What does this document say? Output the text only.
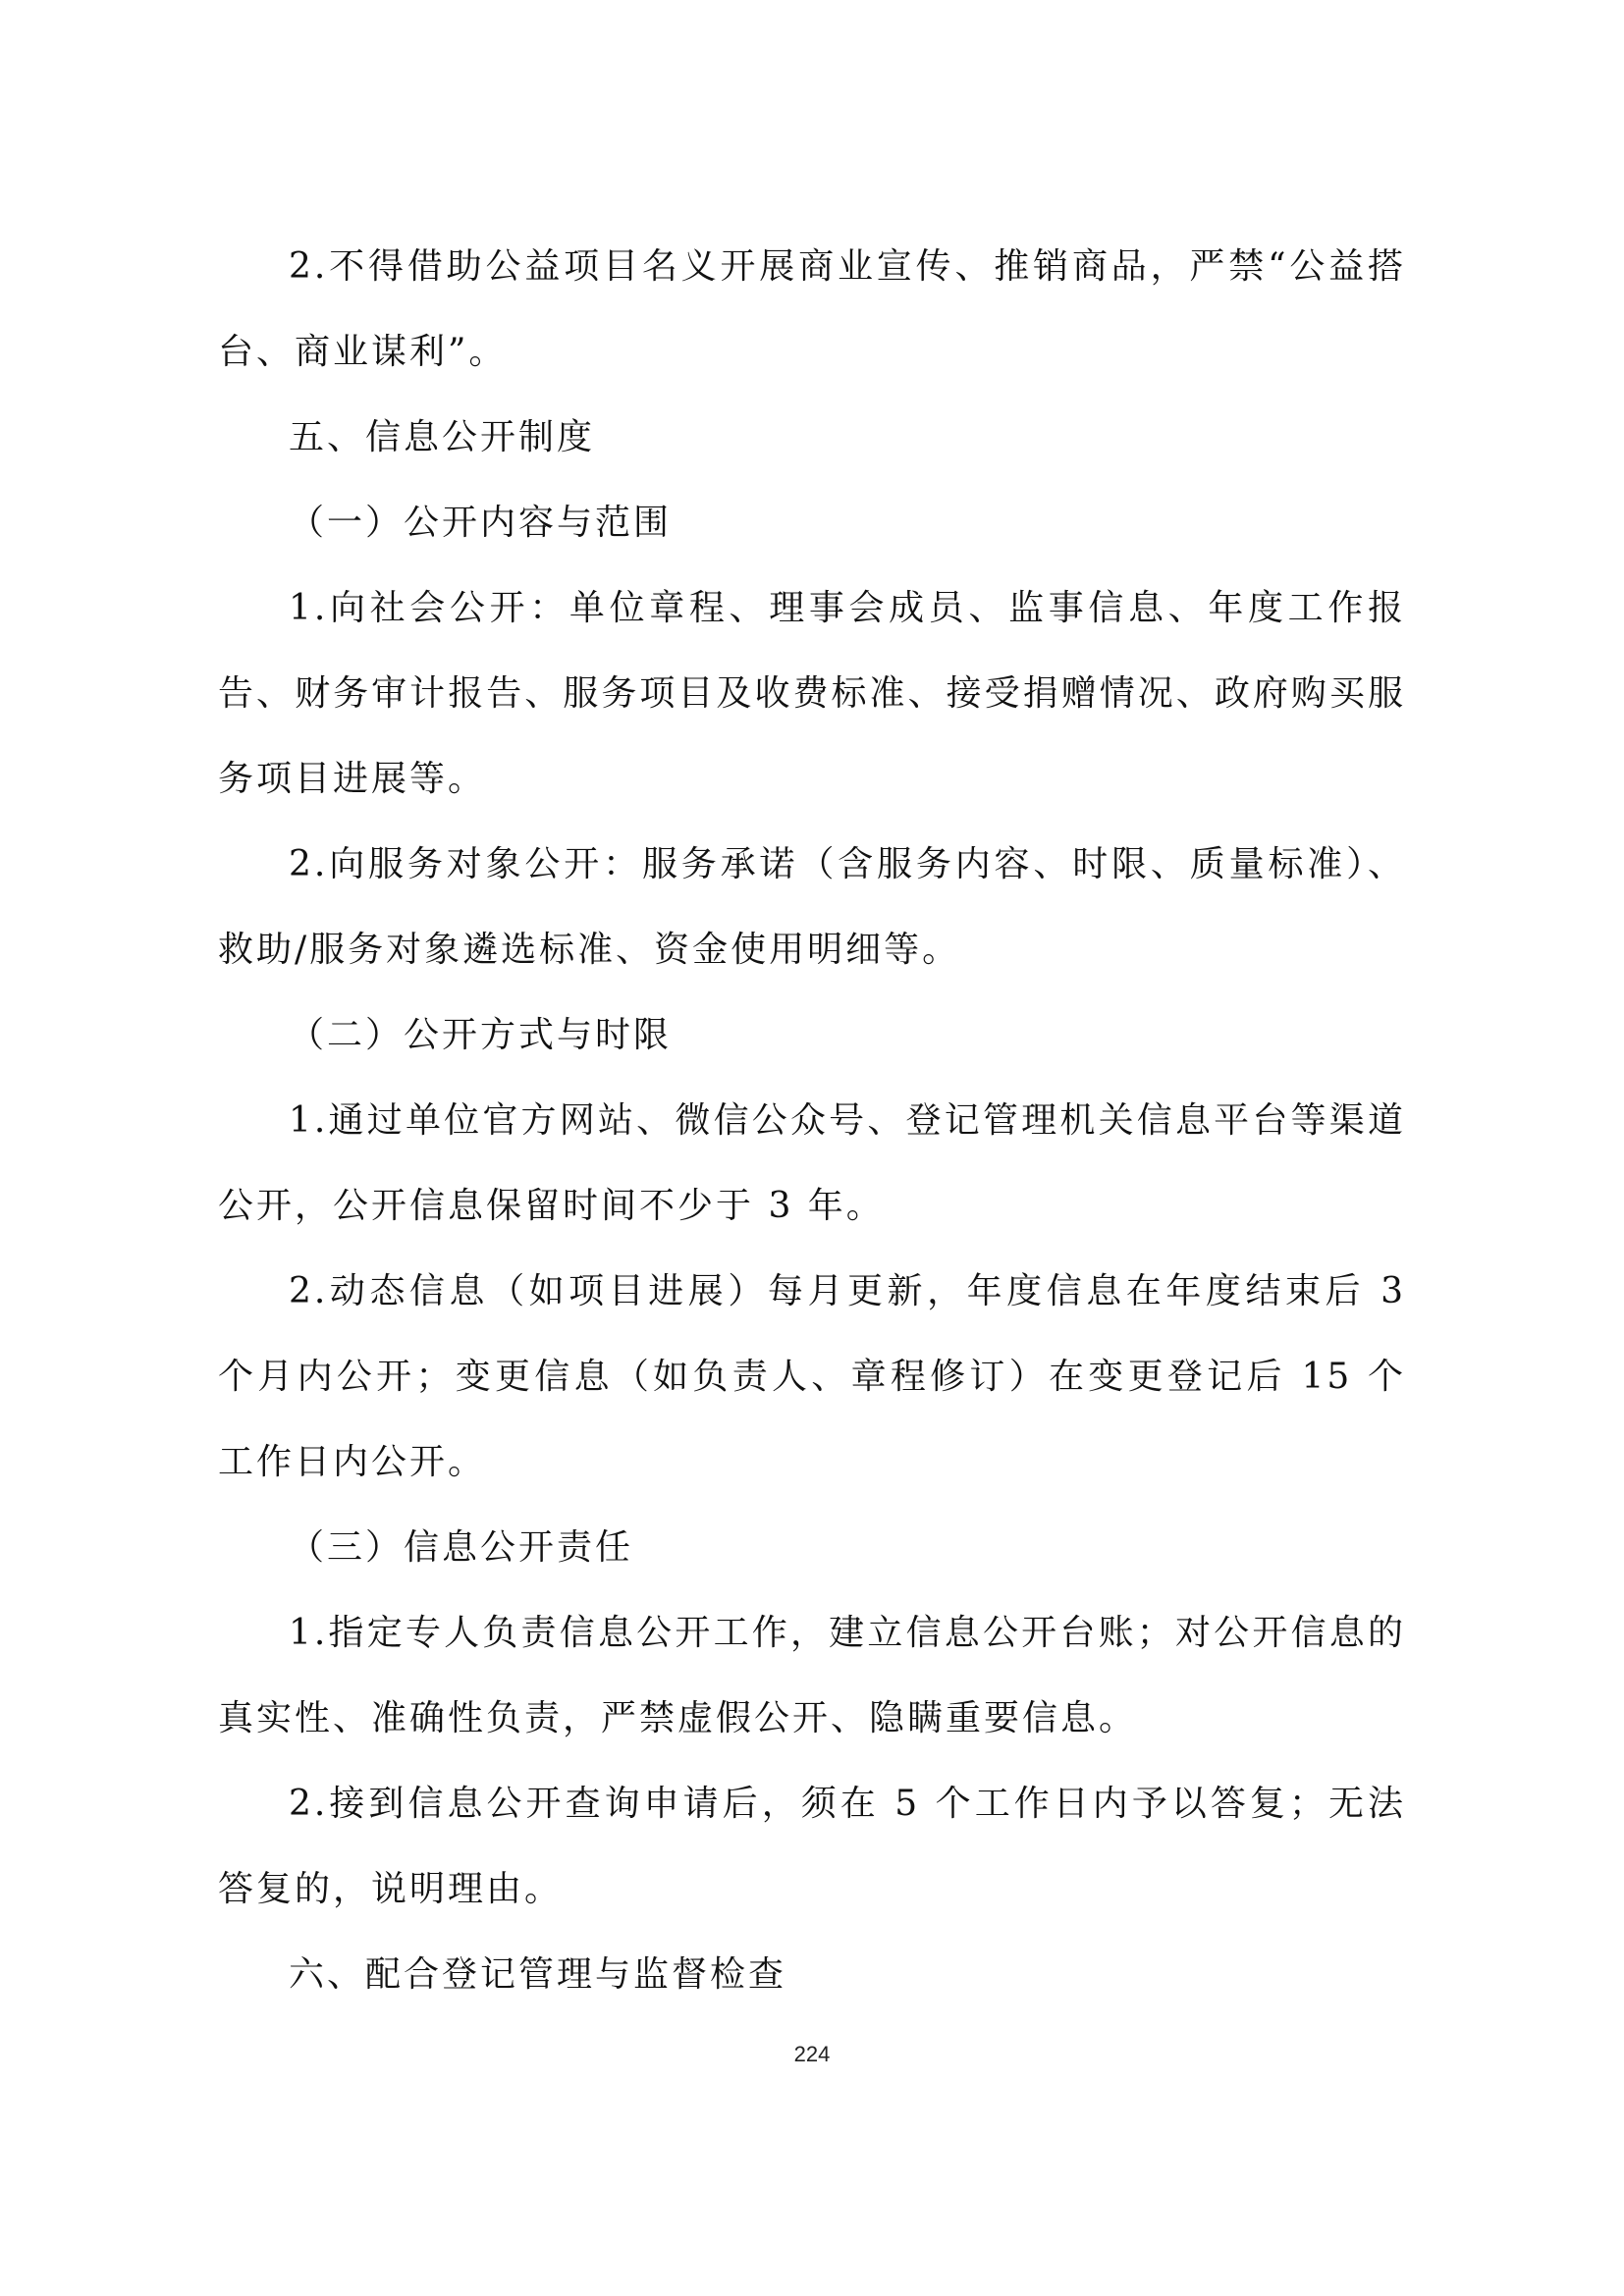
2.不得借助公益项目名义开展商业宣传、推销商品，严禁“公益搭台、商业谋利”。

五、信息公开制度

（一）公开内容与范围

1.向社会公开：单位章程、理事会成员、监事信息、年度工作报告、财务审计报告、服务项目及收费标准、接受捐赠情况、政府购买服务项目进展等。

2.向服务对象公开：服务承诺（含服务内容、时限、质量标准）、救助/服务对象遴选标准、资金使用明细等。

（二）公开方式与时限

1.通过单位官方网站、微信公众号、登记管理机关信息平台等渠道公开，公开信息保留时间不少于 3 年。

2.动态信息（如项目进展）每月更新，年度信息在年度结束后 3 个月内公开；变更信息（如负责人、章程修订）在变更登记后 15 个工作日内公开。

（三）信息公开责任

1.指定专人负责信息公开工作，建立信息公开台账；对公开信息的真实性、准确性负责，严禁虚假公开、隐瞒重要信息。

2.接到信息公开查询申请后，须在 5 个工作日内予以答复；无法答复的，说明理由。

六、配合登记管理与监督检查

224
